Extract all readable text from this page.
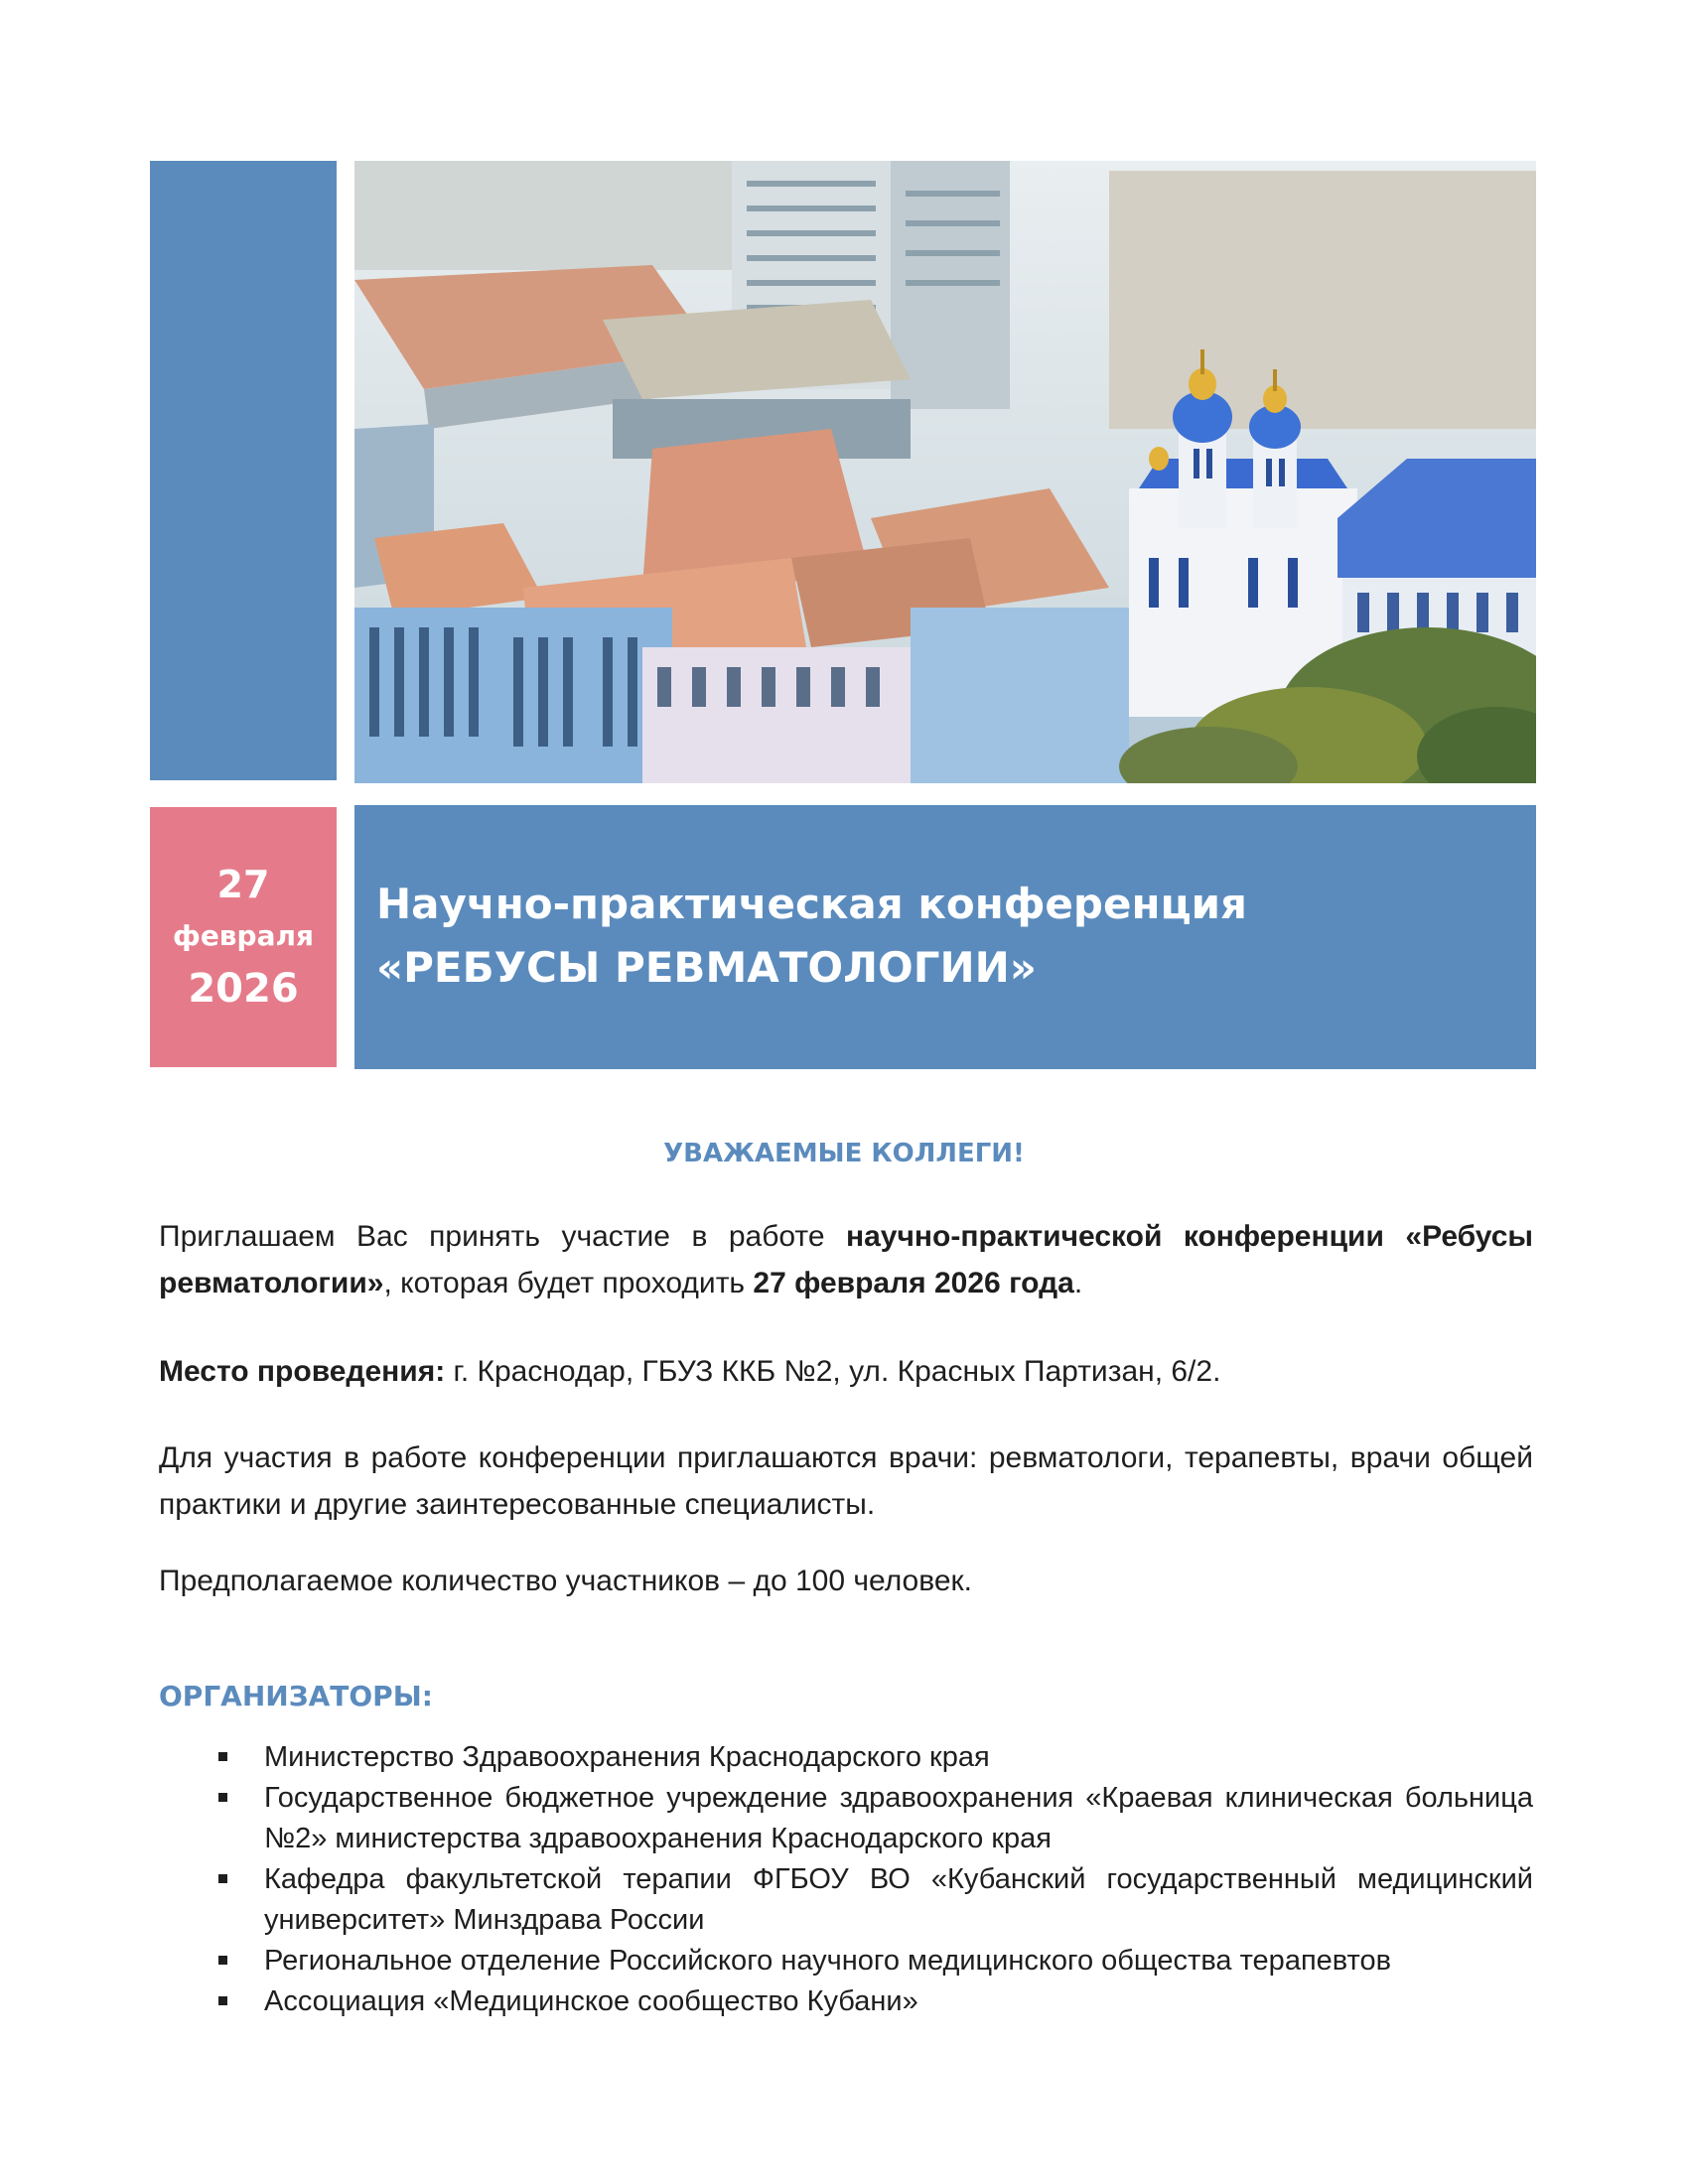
27
февраля
2026
Научно-практическая конференция
«РЕБУСЫ РЕВМАТОЛОГИИ»
УВАЖАЕМЫЕ КОЛЛЕГИ!

Приглашаем Вас принять участие в работе научно-практической конференции «Ребусы ревматологии», которая будет проходить 27 февраля 2026 года.

Место проведения: г. Краснодар, ГБУЗ ККБ №2, ул. Красных Партизан, 6/2.

Для участия в работе конференции приглашаются врачи: ревматологи, терапевты, врачи общей практики и другие заинтересованные специалисты.

Предполагаемое количество участников – до 100 человек.

ОРГАНИЗАТОРЫ:
Министерство Здравоохранения Краснодарского края
Государственное бюджетное учреждение здравоохранения «Краевая клиническая больница №2» министерства здравоохранения Краснодарского края
Кафедра факультетской терапии ФГБОУ ВО «Кубанский государственный медицинский университет» Минздрава России
Региональное отделение Российского научного медицинского общества терапевтов
Ассоциация «Медицинское сообщество Кубани»
